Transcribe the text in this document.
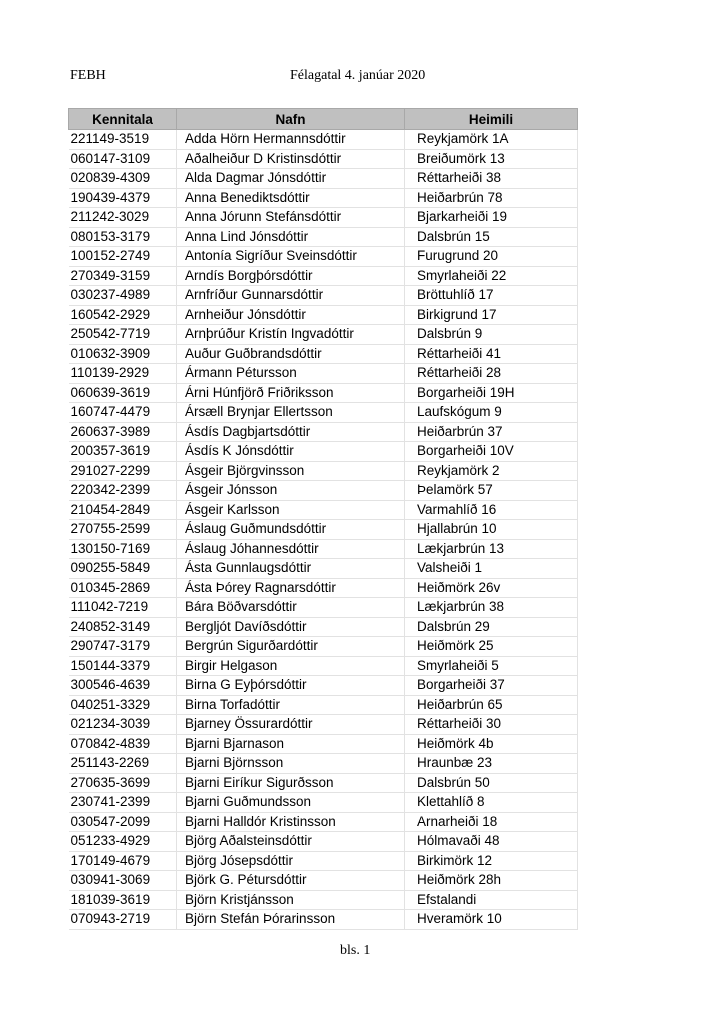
FEBH	Félagatal 4. janúar 2020
Kennitala	Nafn	Heimili
221149-3519	Adda Hörn Hermannsdóttir	Reykjamörk 1A
060147-3109	Aðalheiður D Kristinsdóttir	Breiðumörk 13
020839-4309	Alda Dagmar Jónsdóttir	Réttarheiði 38
190439-4379	Anna Benediktsdóttir	Heiðarbrún 78
211242-3029	Anna Jórunn Stefánsdóttir	Bjarkarheiði 19
080153-3179	Anna Lind Jónsdóttir	Dalsbrún 15
100152-2749	Antonía Sigríður Sveinsdóttir	Furugrund 20
270349-3159	Arndís Borgþórsdóttir	Smyrlaheiði 22
030237-4989	Arnfríður Gunnarsdóttir	Bröttuhlíð 17
160542-2929	Arnheiður Jónsdóttir	Birkigrund 17
250542-7719	Arnþrúður Kristín Ingvadóttir	Dalsbrún 9
010632-3909	Auður Guðbrandsdóttir	Réttarheiði 41
110139-2929	Ármann Pétursson	Réttarheiði 28
060639-3619	Árni Húnfjörð Friðriksson	Borgarheiði 19H
160747-4479	Ársæll Brynjar Ellertsson	Laufskógum 9
260637-3989	Ásdís Dagbjartsdóttir	Heiðarbrún 37
200357-3619	Ásdís K Jónsdóttir	Borgarheiði 10V
291027-2299	Ásgeir Björgvinsson	Reykjamörk 2
220342-2399	Ásgeir Jónsson	Þelamörk 57
210454-2849	Ásgeir Karlsson	Varmahlíð 16
270755-2599	Áslaug Guðmundsdóttir	Hjallabrún 10
130150-7169	Áslaug Jóhannesdóttir	Lækjarbrún 13
090255-5849	Ásta Gunnlaugsdóttir	Valsheiði 1
010345-2869	Ásta Þórey Ragnarsdóttir	Heiðmörk 26v
111042-7219	Bára Böðvarsdóttir	Lækjarbrún 38
240852-3149	Bergljót Davíðsdóttir	Dalsbrún 29
290747-3179	Bergrún Sigurðardóttir	Heiðmörk 25
150144-3379	Birgir Helgason	Smyrlaheiði 5
300546-4639	Birna G Eyþórsdóttir	Borgarheiði 37
040251-3329	Birna Torfadóttir	Heiðarbrún 65
021234-3039	Bjarney Össurardóttir	Réttarheiði 30
070842-4839	Bjarni Bjarnason	Heiðmörk 4b
251143-2269	Bjarni Björnsson	Hraunbæ 23
270635-3699	Bjarni Eiríkur Sigurðsson	Dalsbrún 50
230741-2399	Bjarni Guðmundsson	Klettahlíð 8
030547-2099	Bjarni Halldór Kristinsson	Arnarheiði 18
051233-4929	Björg Aðalsteinsdóttir	Hólmavaði 48
170149-4679	Björg Jósepsdóttir	Birkimörk 12
030941-3069	Björk G. Pétursdóttir	Heiðmörk 28h
181039-3619	Björn Kristjánsson	Efstalandi
070943-2719	Björn Stefán Þórarinsson	Hveramörk 10
bls. 1
